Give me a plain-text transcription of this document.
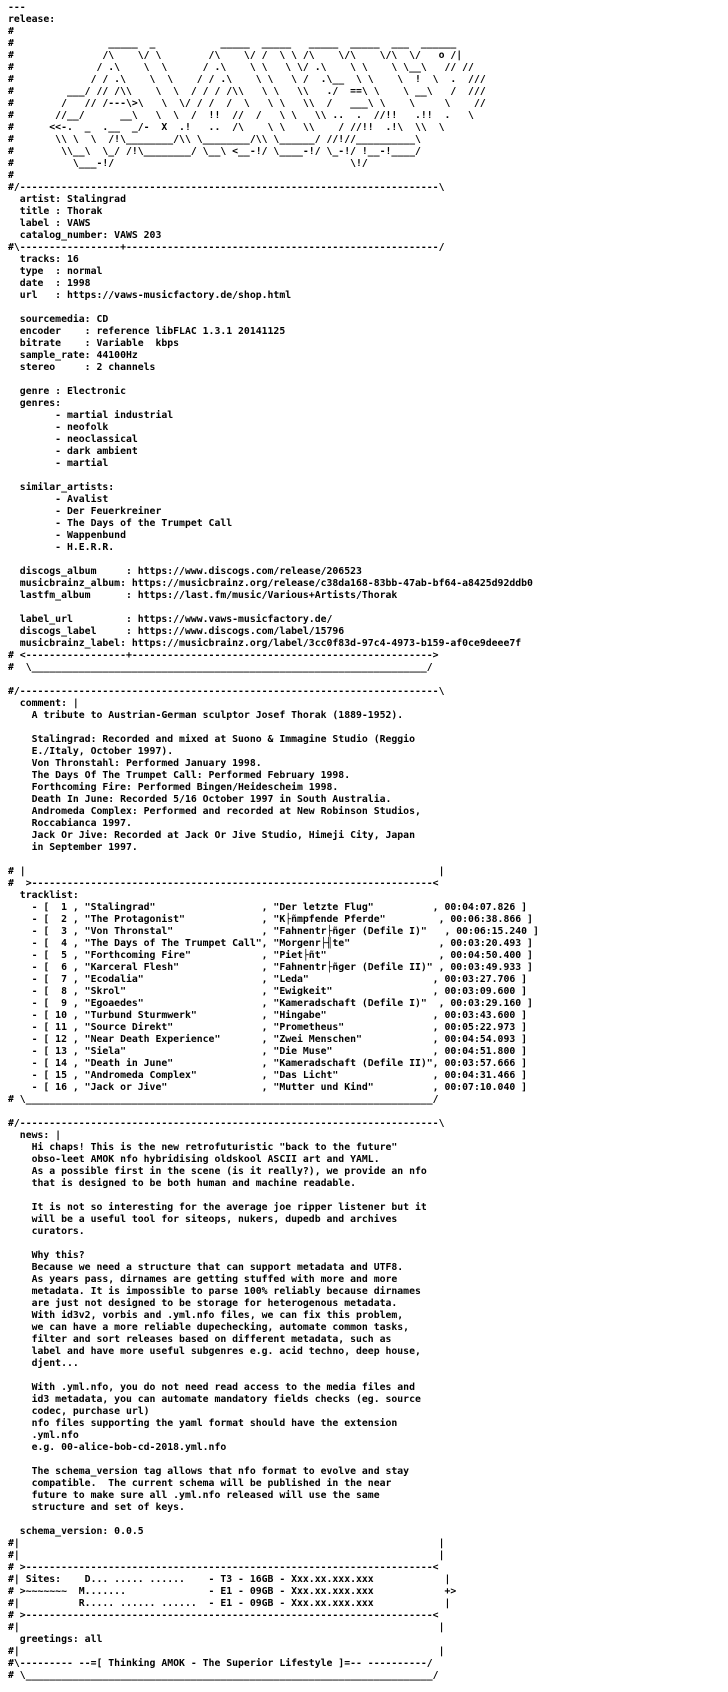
---
release:
#
#                _____  _           _____  _____   _____  _____  ___  ______
#               /\    \/ \        /\    \/ /  \ \ /\    \/\    \/\  \/   o /|
#              / .\    \  \      / .\    \ \   \ \/ .\    \ \    \ \__\   // //
#             / / .\    \  \    / / .\    \ \   \ /  .\__  \ \    \  !  \  .  ///
#         ___/ // /\\    \  \  / / / /\\   \ \   \\   ./  ==\ \    \ __\   /  ///
#        /   // /---\>\   \  \/ / /  /  \   \ \   \\  /   ___\ \    \     \    //
#       //__/      __\   \  \  /  !!  //  /   \ \   \\ ..  .  //!!   .!!  .   \
#      <<-.  _  .__  _/-  X  .!   ..  /\    \ \   \\    / //!!  .!\  \\  \
#       \\ \  \  /!\________/\\ \________/\\ \______/ //!//__________\
#        \\__\  \_/ /!\________/ \__\ <__-!/ \____-!/ \_-!/ !__-!____/
#          \___-!/                                        \!/
#
#/-----------------------------------------------------------------------\
artist: Stalingrad
title : Thorak
label : VAWS
catalog_number: VAWS 203
#\-----------------+-----------------------------------------------------/
tracks: 16
type  : normal
date  : 1998
url   : https://vaws-musicfactory.de/shop.html

sourcemedia: CD
encoder    : reference libFLAC 1.3.1 20141125
bitrate    : Variable  kbps
sample_rate: 44100Hz
stereo     : 2 channels

genre : Electronic
genres:
- martial industrial
- neofolk
- neoclassical
- dark ambient
- martial

similar_artists:
- Avalist
- Der Feuerkreiner
- The Days of the Trumpet Call
- Wappenbund
- H.E.R.R.

discogs_album     : https://www.discogs.com/release/206523
musicbrainz_album: https://musicbrainz.org/release/c38da168-83bb-47ab-bf64-a8425d92ddb0
lastfm_album      : https://last.fm/music/Various+Artists/Thorak

label_url         : https://www.vaws-musicfactory.de/
discogs_label     : https://www.discogs.com/label/15796
musicbrainz_label: https://musicbrainz.org/label/3cc0f83d-97c4-4973-b159-af0ce9deee7f
# <-----------------+--------------------------------------------------->
#  \___________________________________________________________________/

#/-----------------------------------------------------------------------\
comment: |
A tribute to Austrian-German sculptor Josef Thorak (1889-1952).

Stalingrad: Recorded and mixed at Suono & Immagine Studio (Reggio
E./Italy, October 1997).
Von Thronstahl: Performed January 1998.
The Days Of The Trumpet Call: Performed February 1998.
Forthcoming Fire: Performed Bingen/Heidescheim 1998.
Death In June: Recorded 5/16 October 1997 in South Australia.
Andromeda Complex: Performed and recorded at New Robinson Studios,
Roccabianca 1997.
Jack Or Jive: Recorded at Jack Or Jive Studio, Himeji City, Japan
in September 1997.

# |                                                                      |
#  >--------------------------------------------------------------------<
tracklist:
- [  1 , "Stalingrad"                  , "Der letzte Flug"          , 00:04:07.826 ]
- [  2 , "The Protagonist"             , "K├ñmpfende Pferde"         , 00:06:38.866 ]
- [  3 , "Von Thronstal"               , "Fahnentr├ñger (Defile I)"   , 00:06:15.240 ]
- [  4 , "The Days of The Trumpet Call", "Morgenr├╢te"               , 00:03:20.493 ]
- [  5 , "Forthcoming Fire"            , "Piet├ñt"                   , 00:04:50.400 ]
- [  6 , "Karceral Flesh"              , "Fahnentr├ñger (Defile II)" , 00:03:49.933 ]
- [  7 , "Ecodalia"                    , "Leda"                     , 00:03:27.706 ]
- [  8 , "Skrol"                       , "Ewigkeit"                 , 00:03:09.600 ]
- [  9 , "Egoaedes"                    , "Kameradschaft (Defile I)"  , 00:03:29.160 ]
- [ 10 , "Turbund Sturmwerk"           , "Hingabe"                  , 00:03:43.600 ]
- [ 11 , "Source Direkt"               , "Prometheus"               , 00:05:22.973 ]
- [ 12 , "Near Death Experience"       , "Zwei Menschen"            , 00:04:54.093 ]
- [ 13 , "Siela"                       , "Die Muse"                 , 00:04:51.800 ]
- [ 14 , "Death in June"               , "Kameradschaft (Defile II)", 00:03:57.666 ]
- [ 15 , "Andromeda Complex"           , "Das Licht"                , 00:04:31.466 ]
- [ 16 , "Jack or Jive"                , "Mutter und Kind"          , 00:07:10.040 ]
# \_____________________________________________________________________/

#/-----------------------------------------------------------------------\
news: |
Hi chaps! This is the new retrofuturistic "back to the future"
obso-leet AMOK nfo hybridising oldskool ASCII art and YAML.
As a possible first in the scene (is it really?), we provide an nfo
that is designed to be both human and machine readable.

It is not so interesting for the average joe ripper listener but it
will be a useful tool for siteops, nukers, dupedb and archives
curators.

Why this?
Because we need a structure that can support metadata and UTF8.
As years pass, dirnames are getting stuffed with more and more
metadata. It is impossible to parse 100% reliably because dirnames
are just not designed to be storage for heterogenous metadata.
With id3v2, vorbis and .yml.nfo files, we can fix this problem,
we can have a more reliable dupechecking, automate common tasks,
filter and sort releases based on different metadata, such as
label and have more useful subgenres e.g. acid techno, deep house,
djent...

With .yml.nfo, you do not need read access to the media files and
id3 metadata, you can automate mandatory fields checks (eg. source
codec, purchase url)
nfo files supporting the yaml format should have the extension
.yml.nfo
e.g. 00-alice-bob-cd-2018.yml.nfo

The schema_version tag allows that nfo format to evolve and stay
compatible.  The current schema will be published in the near
future to make sure all .yml.nfo released will use the same
structure and set of keys.

schema_version: 0.0.5
#|                                                                       |
#|                                                                       |
# >---------------------------------------------------------------------<
#| Sites:    D... ..... ......    - T3 - 16GB - Xxx.xx.xxx.xxx            |
# >~~~~~~~  M.......              - E1 - 09GB - Xxx.xx.xxx.xxx            +>
#|          R..... ...... ......  - E1 - 09GB - Xxx.xx.xxx.xxx            |
# >---------------------------------------------------------------------<
#|                                                                       |
greetings: all
#|                                                                       |
#\--------- --=[ Thinking AMOK - The Superior Lifestyle ]=-- ----------/
# \_____________________________________________________________________/
